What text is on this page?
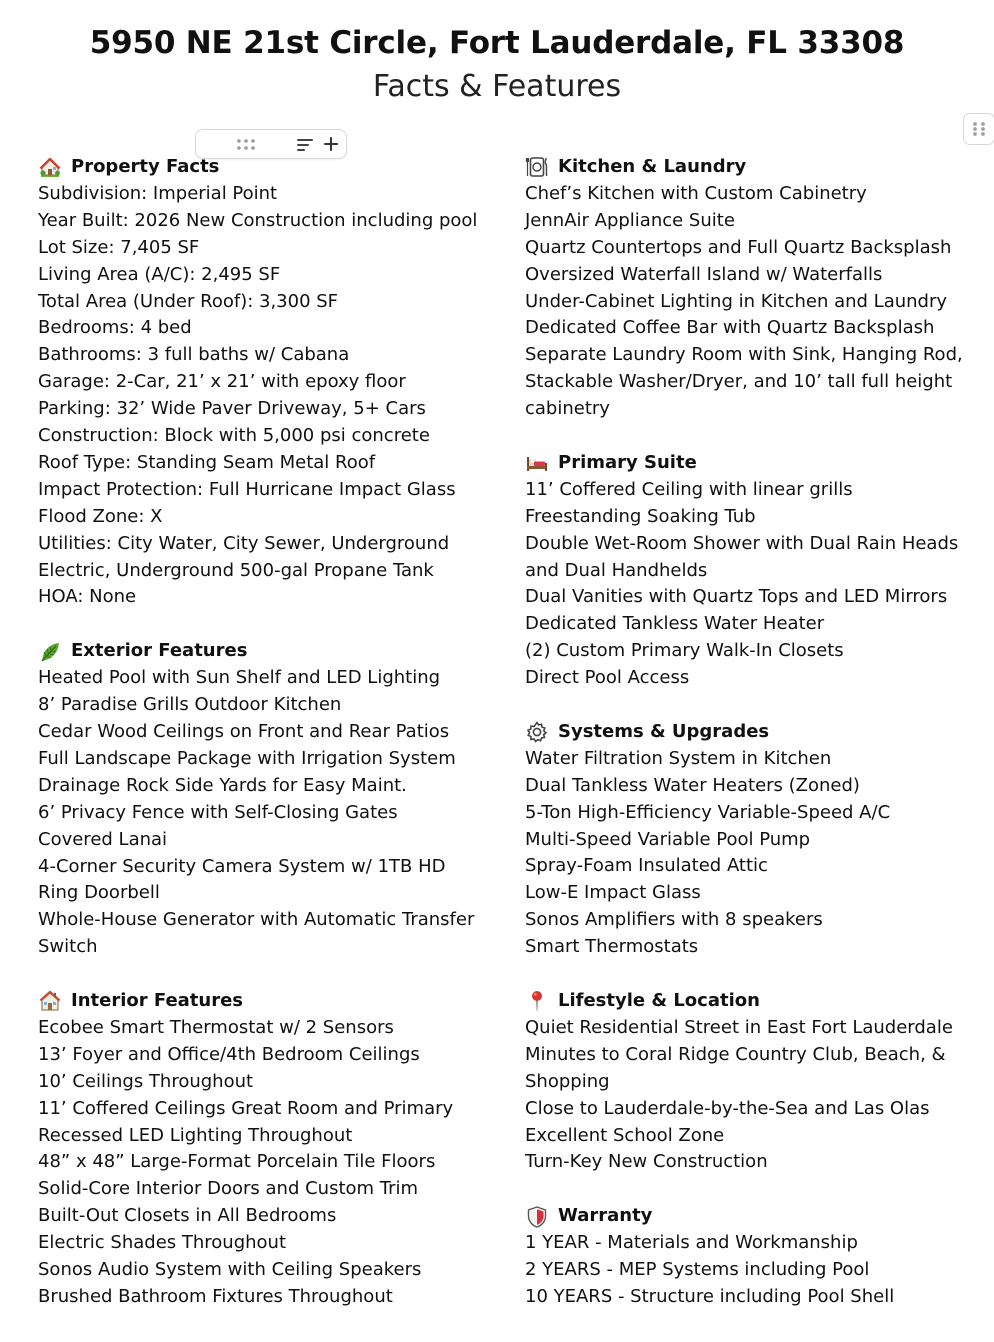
5950 NE 21st Circle, Fort Lauderdale, FL 33308
Facts & Features
Property Facts
Subdivision: Imperial Point
Year Built: 2026 New Construction including pool
Lot Size: 7,405 SF
Living Area (A/C): 2,495 SF
Total Area (Under Roof): 3,300 SF
Bedrooms: 4 bed
Bathrooms: 3 full baths w/ Cabana
Garage: 2-Car, 21’ x 21’ with epoxy floor
Parking: 32’ Wide Paver Driveway, 5+ Cars
Construction: Block with 5,000 psi concrete
Roof Type: Standing Seam Metal Roof
Impact Protection: Full Hurricane Impact Glass
Flood Zone: X
Utilities: City Water, City Sewer, Underground Electric, Underground 500-gal Propane Tank
HOA: None
Exterior Features
Heated Pool with Sun Shelf and LED Lighting
8’ Paradise Grills Outdoor Kitchen
Cedar Wood Ceilings on Front and Rear Patios
Full Landscape Package with Irrigation System
Drainage Rock Side Yards for Easy Maint.
6’ Privacy Fence with Self-Closing Gates
Covered Lanai
4-Corner Security Camera System w/ 1TB HD
Ring Doorbell
Whole-House Generator with Automatic Transfer Switch
Interior Features
Ecobee Smart Thermostat w/ 2 Sensors
13’ Foyer and Office/4th Bedroom Ceilings
10’ Ceilings Throughout
11’ Coffered Ceilings Great Room and Primary
Recessed LED Lighting Throughout
48” x 48” Large-Format Porcelain Tile Floors
Solid-Core Interior Doors and Custom Trim
Built-Out Closets in All Bedrooms
Electric Shades Throughout
Sonos Audio System with Ceiling Speakers
Brushed Bathroom Fixtures Throughout
Kitchen & Laundry
Chef’s Kitchen with Custom Cabinetry
JennAir Appliance Suite
Quartz Countertops and Full Quartz Backsplash
Oversized Waterfall Island w/ Waterfalls
Under-Cabinet Lighting in Kitchen and Laundry
Dedicated Coffee Bar with Quartz Backsplash
Separate Laundry Room with Sink, Hanging Rod, Stackable Washer/Dryer, and 10’ tall full height cabinetry
Primary Suite
11’ Coffered Ceiling with linear grills
Freestanding Soaking Tub
Double Wet-Room Shower with Dual Rain Heads and Dual Handhelds
Dual Vanities with Quartz Tops and LED Mirrors
Dedicated Tankless Water Heater
(2) Custom Primary Walk-In Closets
Direct Pool Access
Systems & Upgrades
Water Filtration System in Kitchen
Dual Tankless Water Heaters (Zoned)
5-Ton High-Efficiency Variable-Speed A/C
Multi-Speed Variable Pool Pump
Spray-Foam Insulated Attic
Low-E Impact Glass
Sonos Amplifiers with 8 speakers
Smart Thermostats
Lifestyle & Location
Quiet Residential Street in East Fort Lauderdale
Minutes to Coral Ridge Country Club, Beach, & Shopping
Close to Lauderdale-by-the-Sea and Las Olas
Excellent School Zone
Turn-Key New Construction
Warranty
1 YEAR - Materials and Workmanship
2 YEARS - MEP Systems including Pool
10 YEARS - Structure including Pool Shell
